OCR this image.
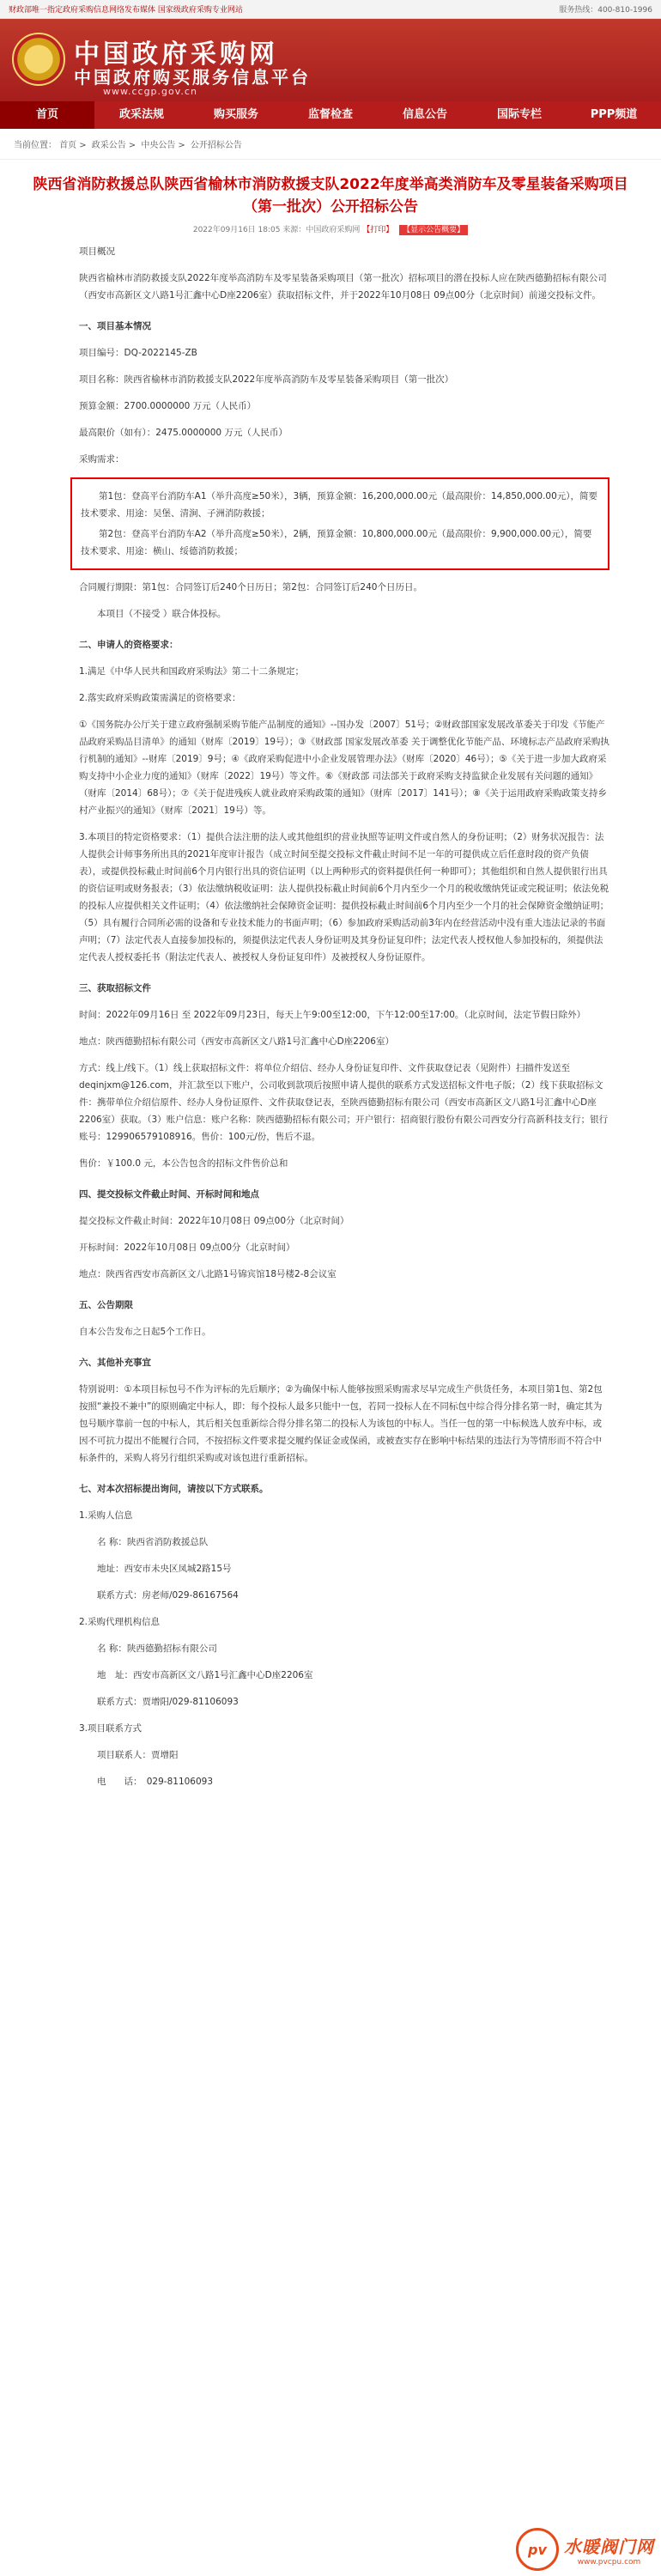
财政部唯一指定政府采购信息网络发布媒体 国家级政府采购专业网站	服务热线：400-810-1996
中国政府采购网
中国政府购买服务信息平台
www.ccgp.gov.cn
首页	政采法规	购买服务	监督检查	信息公告	国际专栏	PPP频道
当前位置： 首页 > 政采公告 > 中央公告 > 公开招标公告
陕西省消防救援总队陕西省榆林市消防救援支队2022年度举高类消防车及零星装备采购项目（第一批次）公开招标公告
2022年09月16日 18:05 来源：中国政府采购网 【打印】 【显示公告概要】

项目概况

陕西省榆林市消防救援支队2022年度举高消防车及零星装备采购项目（第一批次）招标项目的潜在投标人应在陕西德勤招标有限公司（西安市高新区文八路1号汇鑫中心D座2206室）获取招标文件，并于2022年10月08日 09点00分（北京时间）前递交投标文件。

一、项目基本情况

项目编号：DQ-2022145-ZB

项目名称：陕西省榆林市消防救援支队2022年度举高消防车及零星装备采购项目（第一批次）

预算金额：2700.0000000 万元（人民币）

最高限价（如有）：2475.0000000 万元（人民币）

采购需求：

第1包：登高平台消防车A1（举升高度≥50米），3辆，预算金额：16,200,000.00元（最高限价：14,850,000.00元），简要技术要求、用途：吴堡、清涧、子洲消防救援；

第2包：登高平台消防车A2（举升高度≥50米），2辆，预算金额：10,800,000.00元（最高限价：9,900,000.00元），简要技术要求、用途：横山、绥德消防救援；

合同履行期限：第1包：合同签订后240个日历日；第2包：合同签订后240个日历日。

本项目（不接受 ）联合体投标。

二、申请人的资格要求：

1.满足《中华人民共和国政府采购法》第二十二条规定；

2.落实政府采购政策需满足的资格要求：

①《国务院办公厅关于建立政府强制采购节能产品制度的通知》--国办发〔2007〕51号；②财政部国家发展改革委关于印发《节能产品政府采购品目清单》的通知（财库〔2019〕19号）；③《财政部 国家发展改革委 关于调整优化节能产品、环境标志产品政府采购执行机制的通知》--财库〔2019〕9号；④《政府采购促进中小企业发展管理办法》（财库〔2020〕46号）；⑤《关于进一步加大政府采购支持中小企业力度的通知》（财库〔2022〕19号）等文件。⑥《财政部 司法部关于政府采购支持监狱企业发展有关问题的通知》（财库〔2014〕68号）；⑦《关于促进残疾人就业政府采购政策的通知》（财库〔2017〕141号）；⑧《关于运用政府采购政策支持乡村产业振兴的通知》（财库〔2021〕19号）等。

3.本项目的特定资格要求：（1）提供合法注册的法人或其他组织的营业执照等证明文件或自然人的身份证明；（2）财务状况报告：法人提供会计师事务所出具的2021年度审计报告（成立时间至提交投标文件截止时间不足一年的可提供成立后任意时段的资产负债表），或提供投标截止时间前6个月内银行出具的资信证明（以上两种形式的资料提供任何一种即可）；其他组织和自然人提供银行出具的资信证明或财务报表；（3）依法缴纳税收证明：法人提供投标截止时间前6个月内至少一个月的税收缴纳凭证或完税证明；依法免税的投标人应提供相关文件证明；（4）依法缴纳社会保障资金证明：提供投标截止时间前6个月内至少一个月的社会保障资金缴纳证明；（5）具有履行合同所必需的设备和专业技术能力的书面声明；（6）参加政府采购活动前3年内在经营活动中没有重大违法记录的书面声明；（7）法定代表人直接参加投标的，须提供法定代表人身份证明及其身份证复印件；法定代表人授权他人参加投标的，须提供法定代表人授权委托书（附法定代表人、被授权人身份证复印件）及被授权人身份证原件。

三、获取招标文件

时间：2022年09月16日 至 2022年09月23日，每天上午9:00至12:00，下午12:00至17:00。（北京时间，法定节假日除外）

地点：陕西德勤招标有限公司（西安市高新区文八路1号汇鑫中心D座2206室）

方式：线上/线下。（1）线上获取招标文件：将单位介绍信、经办人身份证复印件、文件获取登记表（见附件）扫描件发送至deqinjxm@126.com，并汇款至以下账户，公司收到款项后按照申请人提供的联系方式发送招标文件电子版；（2）线下获取招标文件：携带单位介绍信原件、经办人身份证原件、文件获取登记表，至陕西德勤招标有限公司（西安市高新区文八路1号汇鑫中心D座2206室）获取。（3）账户信息：账户名称：陕西德勤招标有限公司；开户银行：招商银行股份有限公司西安分行高新科技支行；银行账号：129906579108916。售价：100元/份，售后不退。

售价：￥100.0 元，本公告包含的招标文件售价总和

四、提交投标文件截止时间、开标时间和地点

提交投标文件截止时间：2022年10月08日 09点00分（北京时间）

开标时间：2022年10月08日 09点00分（北京时间）

地点：陕西省西安市高新区文八北路1号锦宾馆18号楼2-8会议室

五、公告期限

自本公告发布之日起5个工作日。

六、其他补充事宜

特别说明：①本项目标包号不作为评标的先后顺序；②为确保中标人能够按照采购需求尽早完成生产供货任务，本项目第1包、第2包按照“兼投不兼中”的原则确定中标人，即：每个投标人最多只能中一包，若同一投标人在不同标包中综合得分排名第一时，确定其为包号顺序靠前一包的中标人，其后相关包重新综合得分排名第二的投标人为该包的中标人。当任一包的第一中标候选人放弃中标，或因不可抗力提出不能履行合同，不按招标文件要求提交履约保证金或保函，或被查实存在影响中标结果的违法行为等情形而不符合中标条件的，采购人将另行组织采购或对该包进行重新招标。

七、对本次招标提出询问，请按以下方式联系。

1.采购人信息

名 称：陕西省消防救援总队

地址：西安市未央区凤城2路15号

联系方式：房老师/029-86167564

2.采购代理机构信息

名 称：陕西德勤招标有限公司

地　址：西安市高新区文八路1号汇鑫中心D座2206室

联系方式：贾增阳/029-81106093

3.项目联系方式

项目联系人：贾增阳

电　　话：　029-81106093

pv	水暖阀门网
www.pvcpu.com
